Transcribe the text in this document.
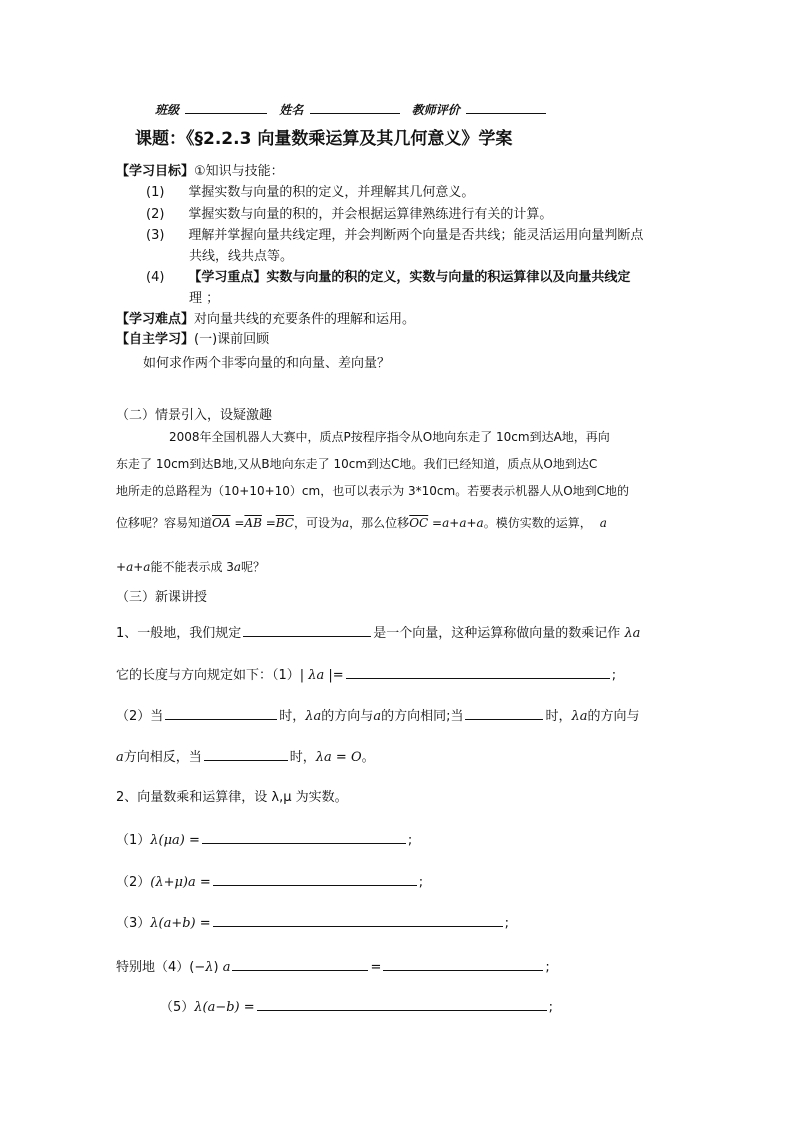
班级	姓名	教师评价
课题：《§2.2.3 向量数乘运算及其几何意义》学案
【学习目标】①知识与技能：
(1) 掌握实数与向量的积的定义，并理解其几何意义。
(2) 掌握实数与向量的积的，并会根据运算律熟练进行有关的计算。
(3) 理解并掌握向量共线定理，并会判断两个向量是否共线；能灵活运用向量判断点
共线，线共点等。
(4) 【学习重点】实数与向量的积的定义，实数与向量的积运算律以及向量共线定
理 ；
【学习难点】对向量共线的充要条件的理解和运用。
【自主学习】(一)课前回顾
如何求作两个非零向量的和向量、差向量？
（二）情景引入，设疑激趣
2008年全国机器人大赛中，质点P按程序指令从O地向东走了 10cm到达A地，再向
东走了 10cm到达B地,又从B地向东走了 10cm到达C地。我们已经知道，质点从O地到达C
地所走的总路程为（10+10+10）cm，也可以表示为 3*10cm。若要表示机器人从O地到C地的
位移呢？容易知道$\overline{OA} =\overline{AB} =\overline{BC}$，可设为a，那么位移$\overline{OC} =a+a+a$。模仿实数的运算， a
+a+a能不能表示成 3a呢？
（三）新课讲授
1、一般地，我们规定	是一个向量，这种运算称做向量的数乘记作 λa
它的长度与方向规定如下：（1）| λa |=	;
（2）当	时，λa的方向与a的方向相同;当	时，λa的方向与
a方向相反，当	时，λa = O。
2、向量数乘和运算律，设 λ,μ 为实数。
（1）λ(μa) =	;
（2）(λ+μ)a =	;
（3）λ(a+b) =	;
特别地（4）(−λ) a	=	;
（5）λ(a−b) =	;
